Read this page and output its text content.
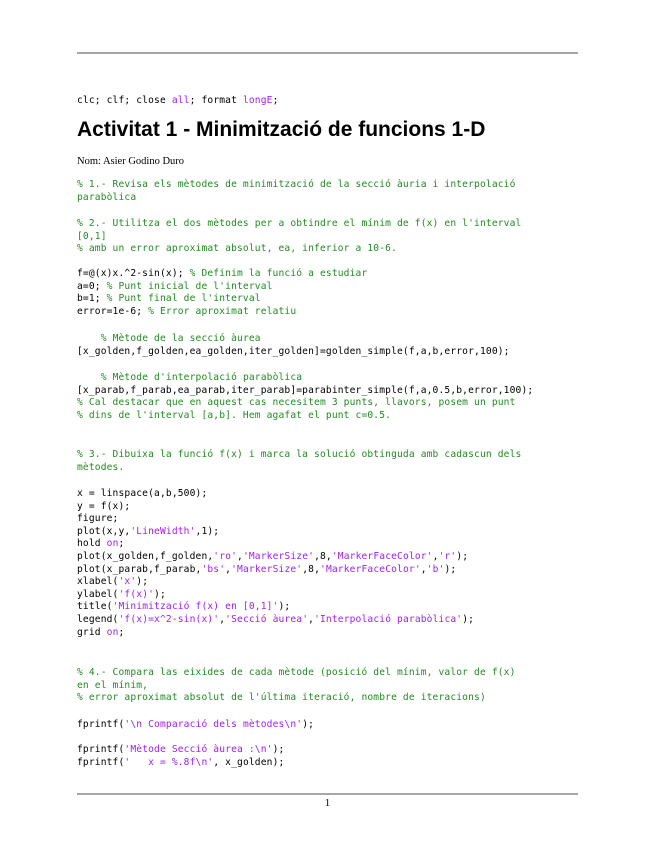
clc; clf; close all; format longE;
Activitat 1 - Minimització de funcions 1-D
Nom: Asier Godino Duro
% 1.- Revisa els mètodes de minimització de la secció àuria i interpolació
parabòlica
% 2.- Utilitza el dos mètodes per a obtindre el mínim de f(x) en l'interval
[0,1]
% amb un error aproximat absolut, ea, inferior a 10-6.
f=@(x)x.^2-sin(x); % Definim la funció a estudiar
a=0; % Punt inicial de l'interval
b=1; % Punt final de l'interval
error=1e-6; % Error aproximat relatiu
% Mètode de la secció àurea
[x_golden,f_golden,ea_golden,iter_golden]=golden_simple(f,a,b,error,100);
% Mètode d'interpolació parabòlica
[x_parab,f_parab,ea_parab,iter_parab]=parabinter_simple(f,a,0.5,b,error,100);
% Cal destacar que en aquest cas necesitem 3 punts, llavors, posem un punt
% dins de l'interval [a,b]. Hem agafat el punt c=0.5.
% 3.- Dibuixa la funció f(x) i marca la solució obtinguda amb cadascun dels
mètodes.
x = linspace(a,b,500);
y = f(x);
figure;
plot(x,y,'LineWidth',1);
hold on;
plot(x_golden,f_golden,'ro','MarkerSize',8,'MarkerFaceColor','r');
plot(x_parab,f_parab,'bs','MarkerSize',8,'MarkerFaceColor','b');
xlabel('x');
ylabel('f(x)');
title('Minimització f(x) en [0,1]');
legend('f(x)=x^2-sin(x)','Secció àurea','Interpolació parabòlica');
grid on;
% 4.- Compara las eixides de cada mètode (posició del mínim, valor de f(x)
en el mínim,
% error aproximat absolut de l'última iteració, nombre de iteracions)
fprintf('\n Comparació dels mètodes\n');
fprintf('Mètode Secció àurea :\n');
fprintf('   x = %.8f\n', x_golden);
1
